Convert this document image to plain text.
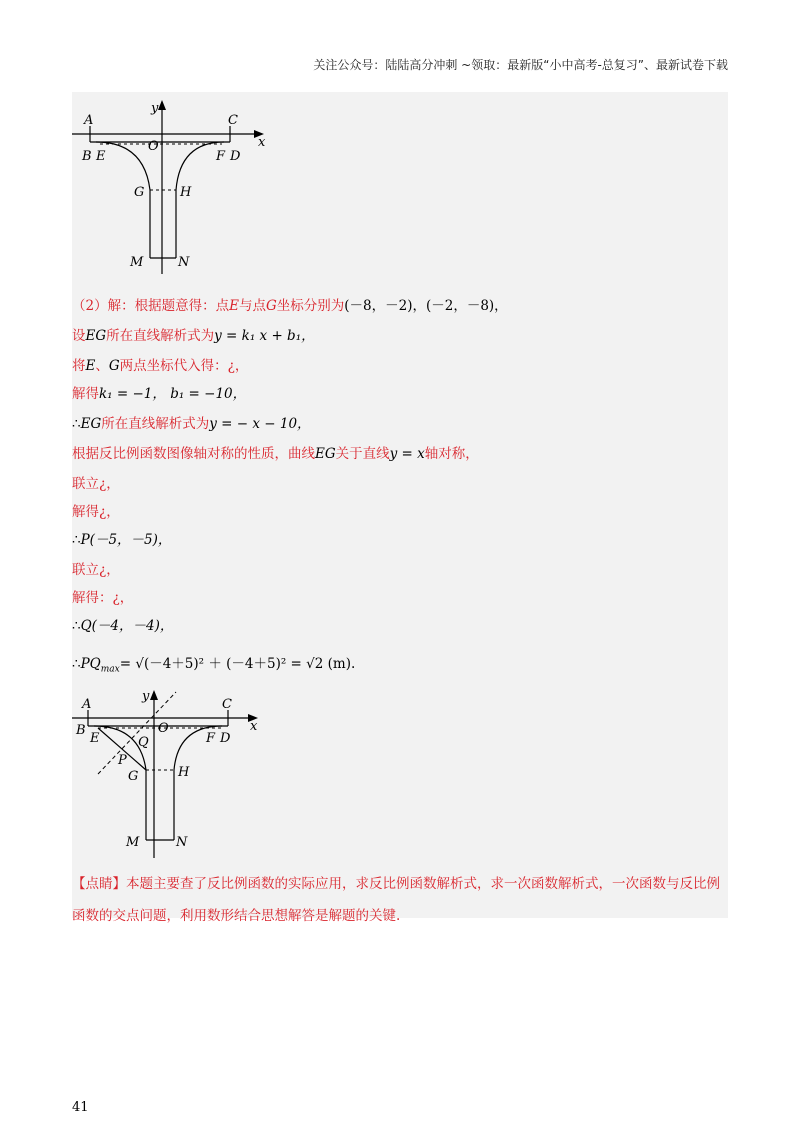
关注公众号：陆陆高分冲刺 ~领取：最新版“小中高考-总复习”、最新试卷下载
y
x
A	C
O
B E	F D
G	H
M	N
（2）解：根据题意得：点E与点G坐标分别为(－8，－2)，(－2，－8)，
设EG所在直线解析式为y = k₁ x + b₁，
将E、G两点坐标代入得：¿，
解得k₁ = −1， b₁ = −10，
∴EG所在直线解析式为y = − x − 10，
根据反比例函数图像轴对称的性质，曲线EG关于直线y = x轴对称，
联立¿，
解得¿，
∴P(－5，－5)，
联立¿，
解得：¿，
∴Q(－4，－4)，
$\therefore PQ_{max}= √(-4+5)^2 + (-4+5)^2 = √2$ (m).
y
x
A	C
O
B
E	Q	F D
P
G	H
M	N
【点睛】本题主要查了反比例函数的实际应用，求反比例函数解析式，求一次函数解析式，一次函数与反比例函数的交点问题，利用数形结合思想解答是解题的关键.
41
